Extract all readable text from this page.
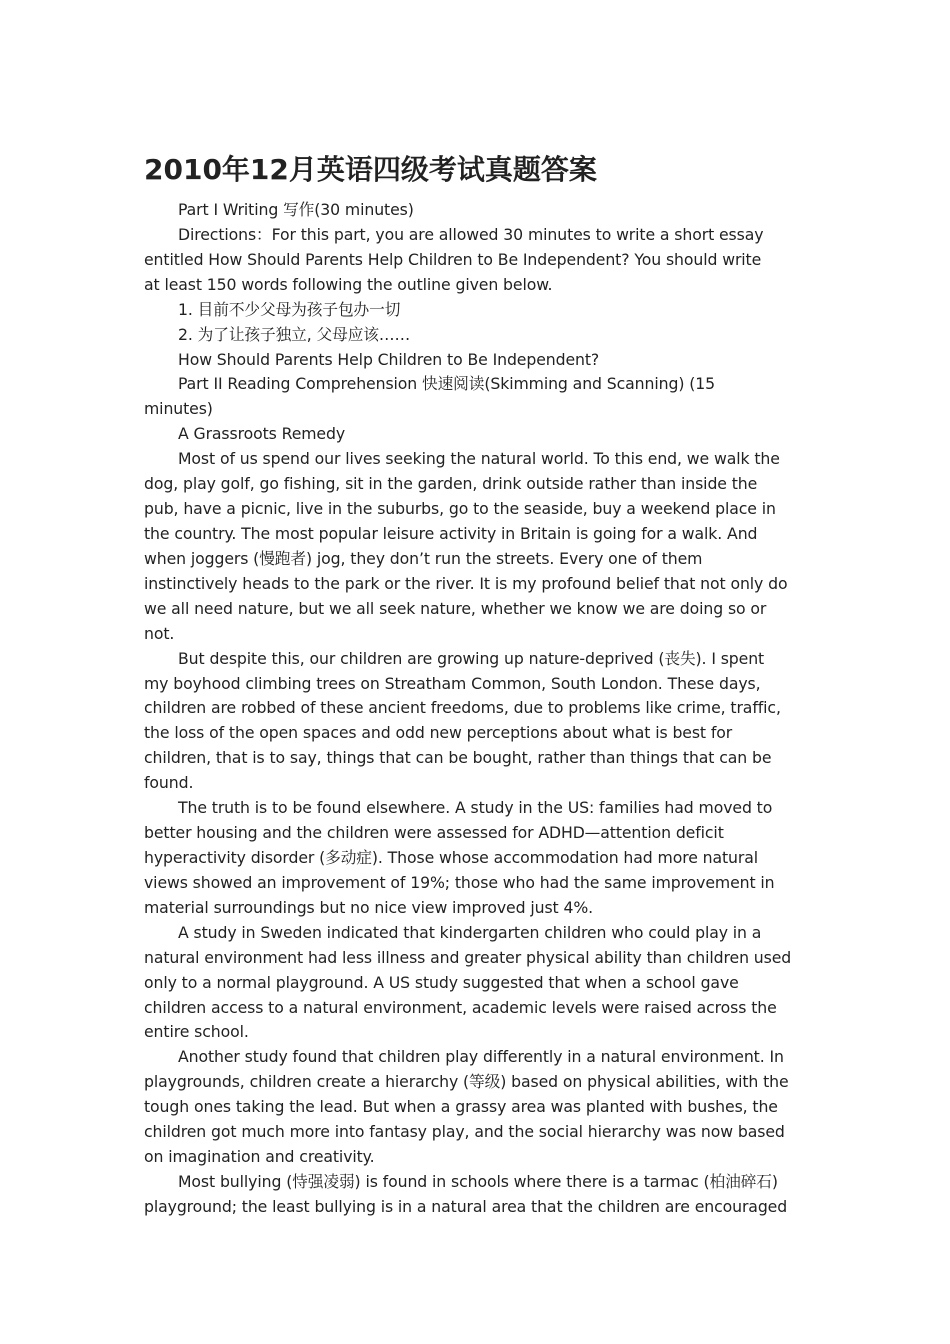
2010年12月英语四级考试真题答案

Part I Writing 写作(30 minutes)

Directions：For this part, you are allowed 30 minutes to write a short essay

entitled How Should Parents Help Children to Be Independent? You should write

at least 150 words following the outline given below.

1. 目前不少父母为孩子包办一切

2. 为了让孩子独立, 父母应该……

How Should Parents Help Children to Be Independent?

Part II Reading Comprehension 快速阅读(Skimming and Scanning) (15

minutes)

A Grassroots Remedy

Most of us spend our lives seeking the natural world. To this end, we walk the

dog, play golf, go fishing, sit in the garden, drink outside rather than inside the

pub, have a picnic, live in the suburbs, go to the seaside, buy a weekend place in

the country. The most popular leisure activity in Britain is going for a walk. And

when joggers (慢跑者) jog, they don’t run the streets. Every one of them

instinctively heads to the park or the river. It is my profound belief that not only do

we all need nature, but we all seek nature, whether we know we are doing so or

not.

But despite this, our children are growing up nature-deprived (丧失). I spent

my boyhood climbing trees on Streatham Common, South London. These days,

children are robbed of these ancient freedoms, due to problems like crime, traffic,

the loss of the open spaces and odd new perceptions about what is best for

children, that is to say, things that can be bought, rather than things that can be

found.

The truth is to be found elsewhere. A study in the US: families had moved to

better housing and the children were assessed for ADHD—attention deficit

hyperactivity disorder (多动症). Those whose accommodation had more natural

views showed an improvement of 19%; those who had the same improvement in

material surroundings but no nice view improved just 4%.

A study in Sweden indicated that kindergarten children who could play in a

natural environment had less illness and greater physical ability than children used

only to a normal playground. A US study suggested that when a school gave

children access to a natural environment, academic levels were raised across the

entire school.

Another study found that children play differently in a natural environment. In

playgrounds, children create a hierarchy (等级) based on physical abilities, with the

tough ones taking the lead. But when a grassy area was planted with bushes, the

children got much more into fantasy play, and the social hierarchy was now based

on imagination and creativity.

Most bullying (恃强凌弱) is found in schools where there is a tarmac (柏油碎石)

playground; the least bullying is in a natural area that the children are encouraged
